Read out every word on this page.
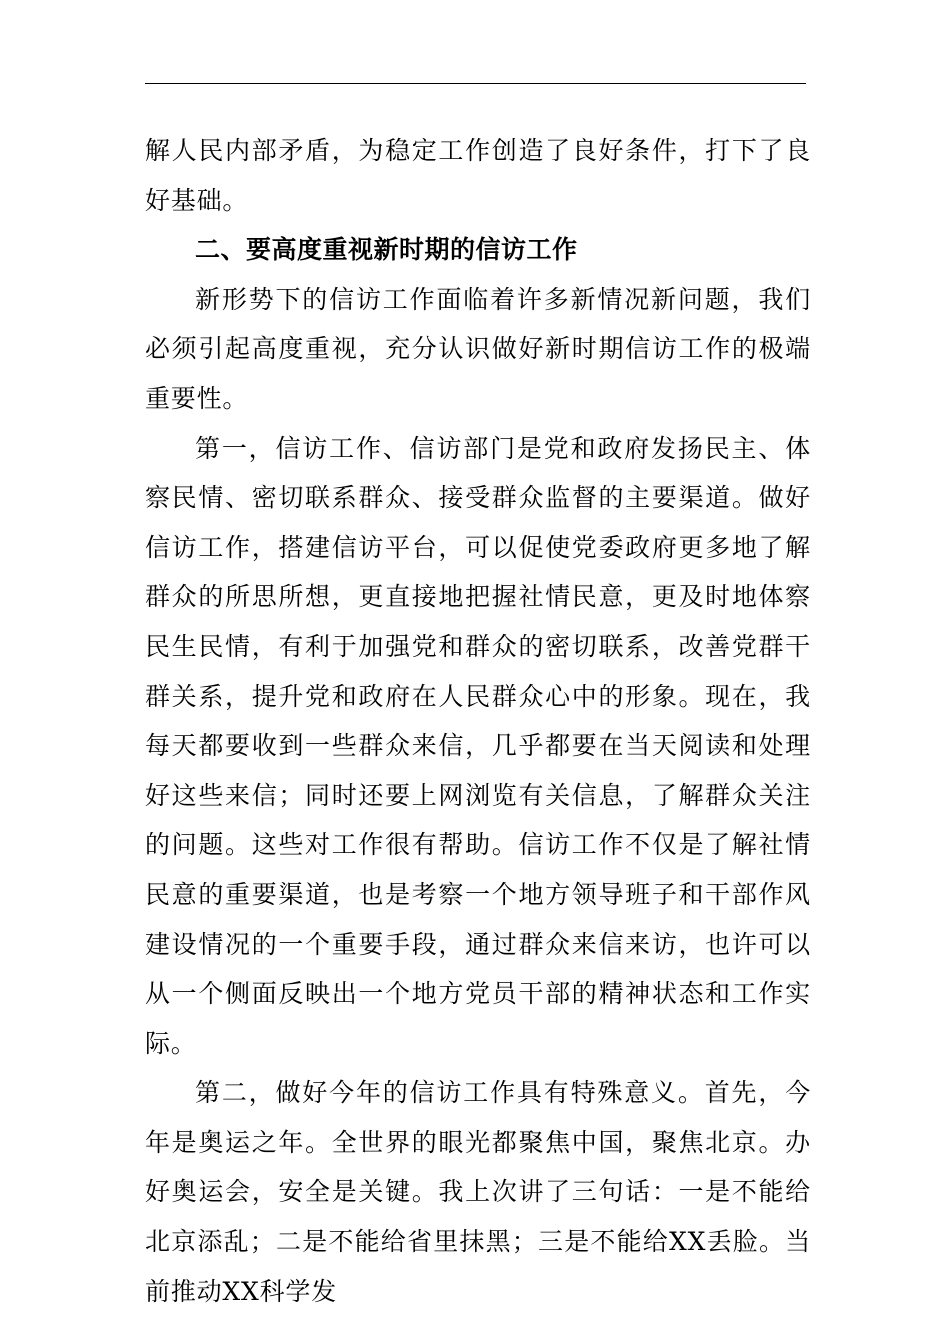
解人民内部矛盾，为稳定工作创造了良好条件，打下了良好基础。

二、要高度重视新时期的信访工作

新形势下的信访工作面临着许多新情况新问题，我们必须引起高度重视，充分认识做好新时期信访工作的极端重要性。

第一，信访工作、信访部门是党和政府发扬民主、体察民情、密切联系群众、接受群众监督的主要渠道。做好信访工作，搭建信访平台，可以促使党委政府更多地了解群众的所思所想，更直接地把握社情民意，更及时地体察民生民情，有利于加强党和群众的密切联系，改善党群干群关系，提升党和政府在人民群众心中的形象。现在，我每天都要收到一些群众来信，几乎都要在当天阅读和处理好这些来信；同时还要上网浏览有关信息，了解群众关注的问题。这些对工作很有帮助。信访工作不仅是了解社情民意的重要渠道，也是考察一个地方领导班子和干部作风建设情况的一个重要手段，通过群众来信来访，也许可以从一个侧面反映出一个地方党员干部的精神状态和工作实际。

第二，做好今年的信访工作具有特殊意义。首先，今年是奥运之年。全世界的眼光都聚焦中国，聚焦北京。办好奥运会，安全是关键。我上次讲了三句话：一是不能给北京添乱；二是不能给省里抹黑；三是不能给XX丢脸。当前推动XX科学发
